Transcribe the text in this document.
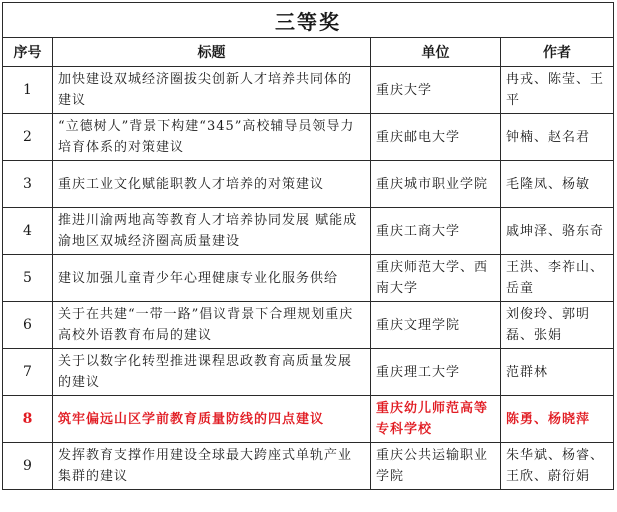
三等奖			
序号	标题	单位	作者
1	加快建设双城经济圈拔尖创新人才培养共同体的建议	重庆大学	冉戎、陈莹、王平
2	“立德树人”背景下构建“345”高校辅导员领导力培育体系的对策建议	重庆邮电大学	钟楠、赵名君
3	重庆工业文化赋能职教人才培养的对策建议	重庆城市职业学院	毛隆凤、杨敏
4	推进川渝两地高等教育人才培养协同发展 赋能成渝地区双城经济圈高质量建设	重庆工商大学	戚坤泽、骆东奇
5	建议加强儿童青少年心理健康专业化服务供给	重庆师范大学、西南大学	王洪、李祚山、岳童
6	关于在共建“一带一路”倡议背景下合理规划重庆高校外语教育布局的建议	重庆文理学院	刘俊玲、郭明磊、张娟
7	关于以数字化转型推进课程思政教育高质量发展的建议	重庆理工大学	范群林
8	筑牢偏远山区学前教育质量防线的四点建议	重庆幼儿师范高等专科学校	陈勇、杨晓萍
9	发挥教育支撑作用建设全球最大跨座式单轨产业集群的建议	重庆公共运输职业学院	朱华斌、杨睿、王欣、蔚衍娟
